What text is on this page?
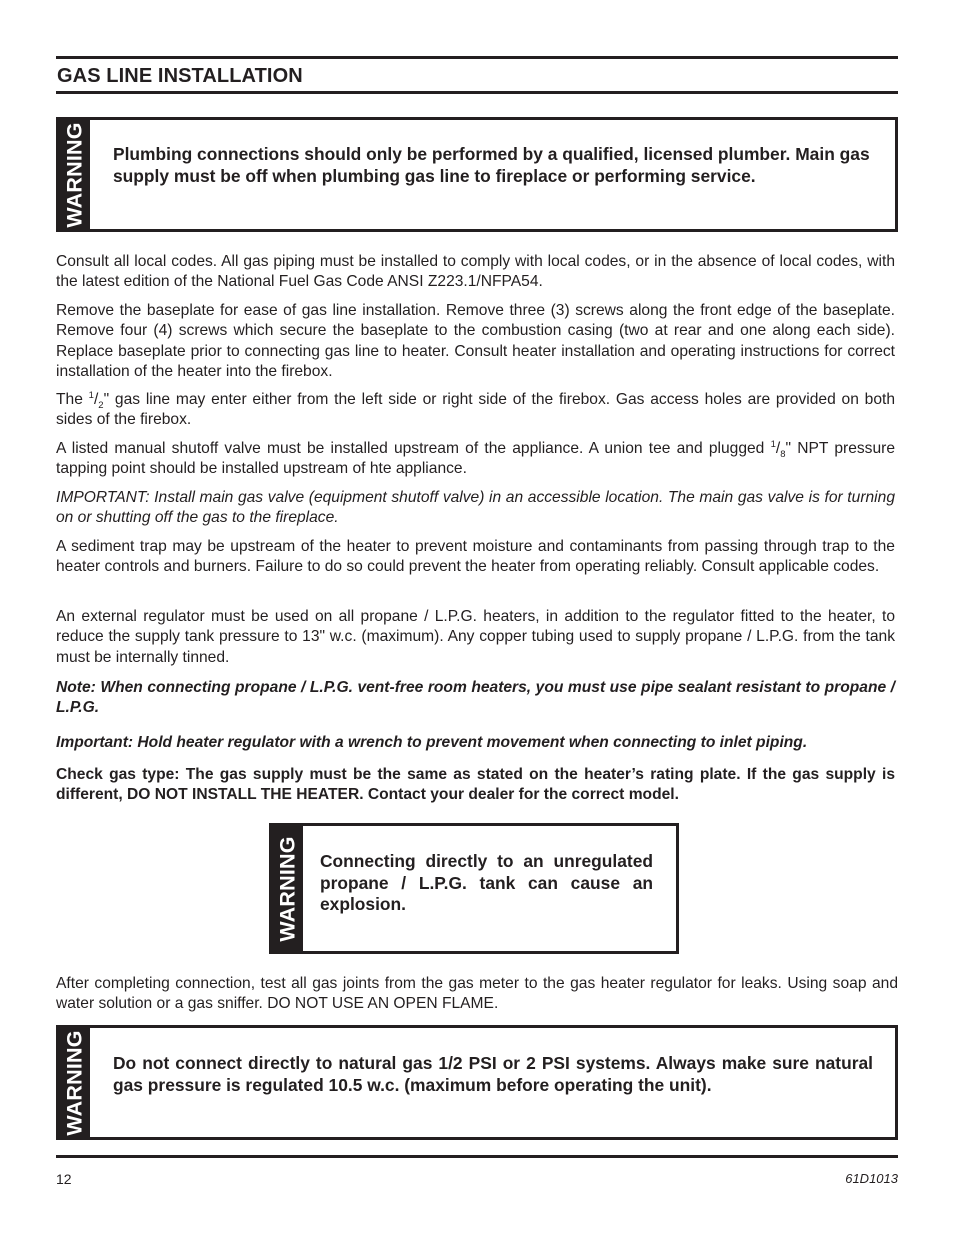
GAS LINE INSTALLATION
WARNING Plumbing connections should only be performed by a qualified, licensed plumber. Main gas supply must be off when plumbing gas line to fireplace or performing service.

Consult all local codes. All gas piping must be installed to comply with local codes, or in the absence of local codes, with the latest edition of the National Fuel Gas Code ANSI Z223.1/NFPA54.

Remove the baseplate for ease of gas line installation. Remove three (3) screws along the front edge of the baseplate. Remove four (4) screws which secure the baseplate to the combustion casing (two at rear and one along each side). Replace baseplate prior to connecting gas line to heater. Consult heater installation and operating instructions for correct installation of the heater into the firebox.

The $^1/_2$" gas line may enter either from the left side or right side of the firebox. Gas access holes are provided on both sides of the firebox.

A listed manual shutoff valve must be installed upstream of the appliance. A union tee and plugged $^1/_8$" NPT pressure tapping point should be installed upstream of hte appliance.

IMPORTANT: Install main gas valve (equipment shutoff valve) in an accessible location. The main gas valve is for turning on or shutting off the gas to the fireplace.

A sediment trap may be upstream of the heater to prevent moisture and contaminants from passing through trap to the heater controls and burners. Failure to do so could prevent the heater from operating reliably. Consult applicable codes.

An external regulator must be used on all propane / L.P.G. heaters, in addition to the regulator fitted to the heater, to reduce the supply tank pressure to 13" w.c. (maximum). Any copper tubing used to supply propane / L.P.G. from the tank must be internally tinned.

Note: When connecting propane / L.P.G. vent-free room heaters, you must use pipe sealant resistant to propane / L.P.G.

Important: Hold heater regulator with a wrench to prevent movement when connecting to inlet piping.

Check gas type: The gas supply must be the same as stated on the heater’s rating plate. If the gas supply is different, DO NOT INSTALL THE HEATER. Contact your dealer for the correct model.

WARNING Connecting directly to an unregulated propane / L.P.G. tank can cause an explosion.

After completing connection, test all gas joints from the gas meter to the gas heater regulator for leaks. Using soap and water solution or a gas sniffer. DO NOT USE AN OPEN FLAME.

WARNING Do not connect directly to natural gas 1/2 PSI or 2 PSI systems. Always make sure natural gas pressure is regulated 10.5 w.c. (maximum before operating the unit).
12	61D1013
